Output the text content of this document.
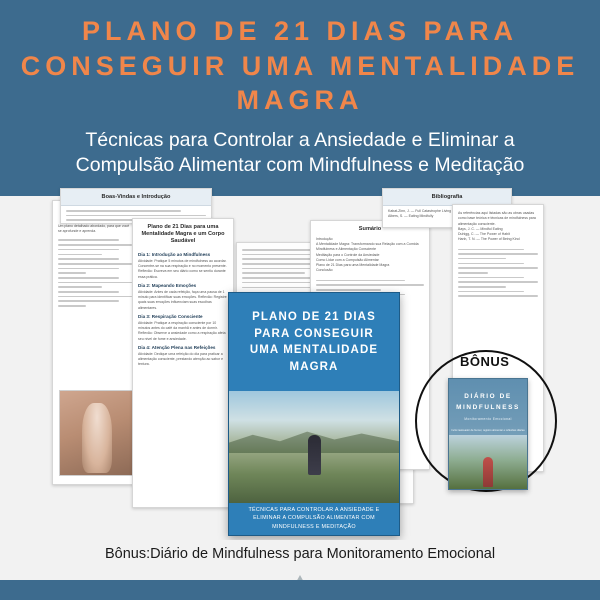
PLANO DE 21 DIAS PARA CONSEGUIR UMA MENTALIDADE MAGRA
Técnicas para Controlar a Ansiedade e Eliminar a Compulsão Alimentar com Mindfulness e Meditação
Um plano detalhado abordado, para que você se aprofunde e aprenda.
Boas-Vindas e Introdução
Plano de 21 Dias para uma Mentalidade Magra e um Corpo Saudável
Dia 1: Introdução ao Mindfulness
Atividade: Pratique 5 minutos de mindfulness ao acordar. Concentre-se na sua respiração e no momento presente. Reflexão: Escreva em seu diário como se sentiu durante essa prática.
Dia 2: Mapeando Emoções
Atividade: Antes de cada refeição, faça uma pausa de 1 minuto para identificar suas emoções. Reflexão: Registre quais suas emoções influenciam suas escolhas alimentares.
Dia 3: Respiração Consciente
Atividade: Pratique a respiração consciente por 10 minutos antes do café da manhã e antes de dormir. Reflexão: Observe a ansiedade como a respiração afeta seu nível de fome e ansiedade.
Dia 4: Atenção Plena nas Refeições
Atividade: Dedique uma refeição do dia para praticar a alimentação consciente, prestando atenção ao sabor e textura.
Sumário
Introdução
A Mentalidade Magra: Transformando sua Relação com a Comida
Mindfulness e Alimentação Consciente
Meditação para o Controle da Ansiedade
Como Lidar com a Compulsão Alimentar
Plano de 21 Dias para uma Mentalidade Magra
Conclusão
Bibliografia
Kabat-Zinn, J. — Full Catastrophe Living
Albers, S. — Eating Mindfully
As referências aqui listadas são as obras usadas como base teórica e técnicas de mindfulness para alimentação consciente.
Bays, J. C. — Mindful Eating
Duhigg, C. — The Power of Habit
Hanh, T. N. — The Power of Being Kind
PLANO DE 21 DIAS PARA CONSEGUIR UMA MENTALIDADE MAGRA
TÉCNICAS PARA CONTROLAR A ANSIEDADE E ELIMINAR A COMPULSÃO ALIMENTAR COM MINDFULNESS E MEDITAÇÃO
BÔNUS
DIÁRIO DE MINDFULNESS
Monitoramento Emocional
Inclui rastreador de humor, registro alimentar e reflexões diárias
Bônus:Diário de Mindfulness para Monitoramento Emocional
